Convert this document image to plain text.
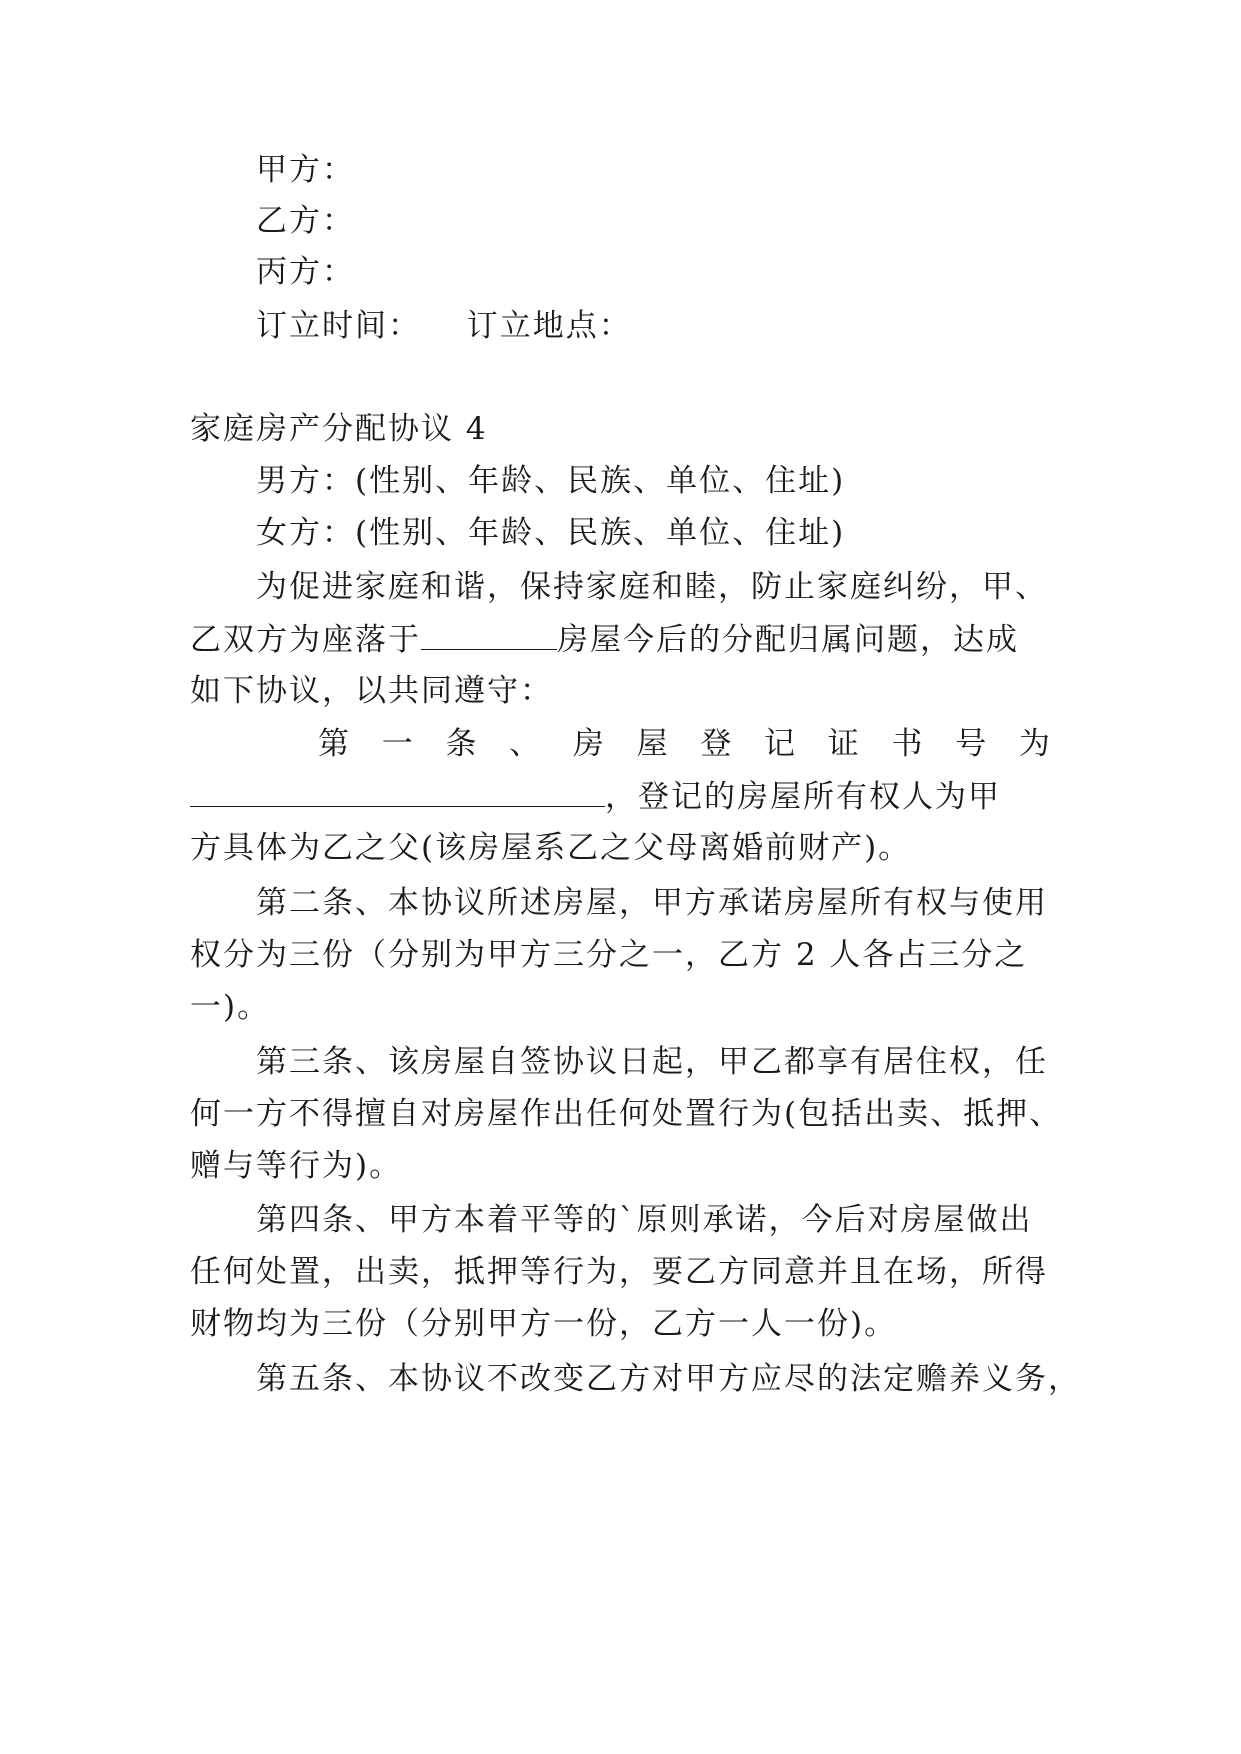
甲方：
乙方：
丙方：
订立时间： 订立地点：
家庭房产分配协议 4
男方：(性别、年龄、民族、单位、住址)
女方：(性别、年龄、民族、单位、住址)
为促进家庭和谐，保持家庭和睦，防止家庭纠纷，甲、
乙双方为座落于	房屋今后的分配归属问题，达成
如下协议，以共同遵守：
第 一 条 、 房 屋 登 记 证 书 号 为
，登记的房屋所有权人为甲
方具体为乙之父(该房屋系乙之父母离婚前财产)。
第二条、本协议所述房屋，甲方承诺房屋所有权与使用
权分为三份（分别为甲方三分之一，乙方 2 人各占三分之
一)。
第三条、该房屋自签协议日起，甲乙都享有居住权，任
何一方不得擅自对房屋作出任何处置行为(包括出卖、抵押、
赠与等行为)。
第四条、甲方本着平等的`原则承诺，今后对房屋做出
任何处置，出卖，抵押等行为，要乙方同意并且在场，所得
财物均为三份（分别甲方一份，乙方一人一份)。
第五条、本协议不改变乙方对甲方应尽的法定赡养义务，
